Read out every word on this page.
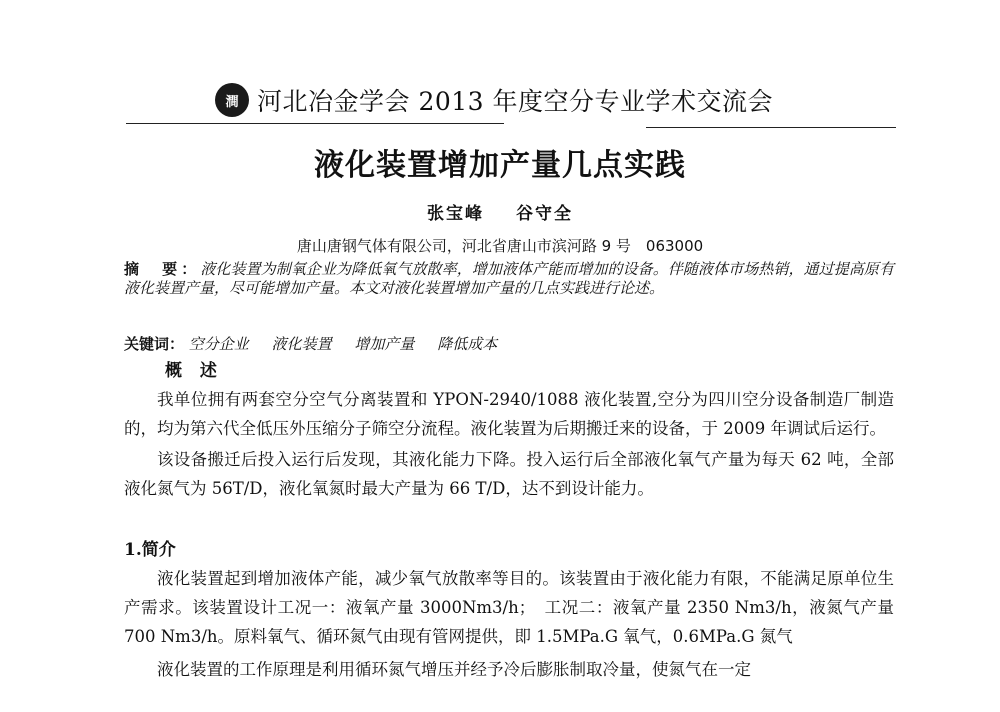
澗 河北冶金学会 2013 年度空分专业学术交流会
液化装置增加产量几点实践
张宝峰 谷守全
唐山唐钢气体有限公司，河北省唐山市滨河路 9 号　063000
摘　要：液化装置为制氧企业为降低氧气放散率，增加液体产能而增加的设备。伴随液体市场热销，通过提高原有液化装置产量，尽可能增加产量。本文对液化装置增加产量的几点实践进行论述。
关键词： 空分企业 液化装置 增加产量 降低成本
概 述

我单位拥有两套空分空气分离装置和 YPON-2940/1088 液化装置,空分为四川空分设备制造厂制造的，均为第六代全低压外压缩分子筛空分流程。液化装置为后期搬迁来的设备，于 2009 年调试后运行。

该设备搬迁后投入运行后发现，其液化能力下降。投入运行后全部液化氧气产量为每天 62 吨，全部液化氮气为 56T/D，液化氧氮时最大产量为 66 T/D，达不到设计能力。

1.简介

液化装置起到增加液体产能，减少氧气放散率等目的。该装置由于液化能力有限，不能满足原单位生产需求。该装置设计工况一：液氧产量 3000Nm3/h；　工况二：液氧产量 2350 Nm3/h，液氮气产量 700 Nm3/h。原料氧气、循环氮气由现有管网提供，即 1.5MPa.G 氧气，0.6MPa.G 氮气

液化装置的工作原理是利用循环氮气增压并经予冷后膨胀制取冷量，使氮气在一定
